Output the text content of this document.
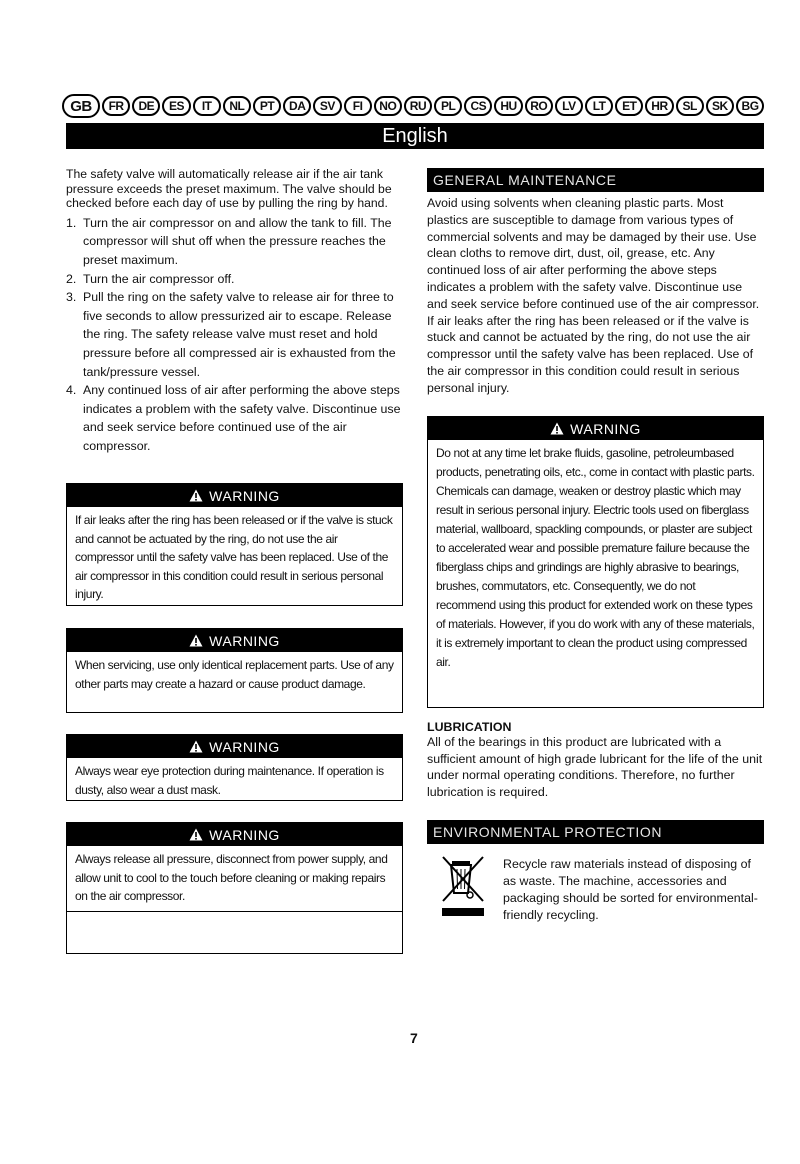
GB	FR	DE	ES	IT	NL	PT	DA	SV	FI	NO	RU	PL	CS	HU	RO	LV	LT	ET	HR	SL	SK	BG
English

The safety valve will automatically release air if the air tank pressure exceeds the preset maximum. The valve should be checked before each day of use by pulling the ring by hand.

1. Turn the air compressor on and allow the tank to fill. The compressor will shut off when the pressure reaches the preset maximum.
2. Turn the air compressor off.
3. Pull the ring on the safety valve to release air for three to five seconds to allow pressurized air to escape. Release the ring. The safety release valve must reset and hold pressure before all compressed air is exhausted from the tank/pressure vessel.
4. Any continued loss of air after performing the above steps indicates a problem with the safety valve. Discontinue use and seek service before continued use of the air compressor.
WARNING
If air leaks after the ring has been released or if the valve is stuck and cannot be actuated by the ring, do not use the air compressor until the safety valve has been replaced. Use of the air compressor in this condition could result in serious personal injury.
WARNING
When servicing, use only identical replacement parts. Use of any other parts may create a hazard or cause product damage.
WARNING
Always wear eye protection during maintenance. If operation is dusty, also wear a dust mask.
WARNING
Always release all pressure, disconnect from power supply, and allow unit to cool to the touch before cleaning or making repairs on the air compressor.
GENERAL MAINTENANCE

Avoid using solvents when cleaning plastic parts. Most plastics are susceptible to damage from various types of commercial solvents and may be damaged by their use. Use clean cloths to remove dirt, dust, oil, grease, etc. Any continued loss of air after performing the above steps indicates a problem with the safety valve. Discontinue use and seek service before continued use of the air compressor. If air leaks after the ring has been released or if the valve is stuck and cannot be actuated by the ring, do not use the air compressor until the safety valve has been replaced. Use of the air compressor in this condition could result in serious personal injury.

WARNING
Do not at any time let brake fluids, gasoline, petroleumbased products, penetrating oils, etc., come in contact with plastic parts. Chemicals can damage, weaken or destroy plastic which may result in serious personal injury. Electric tools used on fiberglass material, wallboard, spackling compounds, or plaster are subject to accelerated wear and possible premature failure because the fiberglass chips and grindings are highly abrasive to bearings, brushes, commutators, etc. Consequently, we do not recommend using this product for extended work on these types of materials. However, if you do work with any of these materials, it is extremely important to clean the product using compressed air.
LUBRICATION

All of the bearings in this product are lubricated with a sufficient amount of high grade lubricant for the life of the unit under normal operating conditions. Therefore, no further lubrication is required.

ENVIRONMENTAL PROTECTION

Recycle raw materials instead of disposing of as waste. The machine, accessories and packaging should be sorted for environmental-friendly recycling.

7
